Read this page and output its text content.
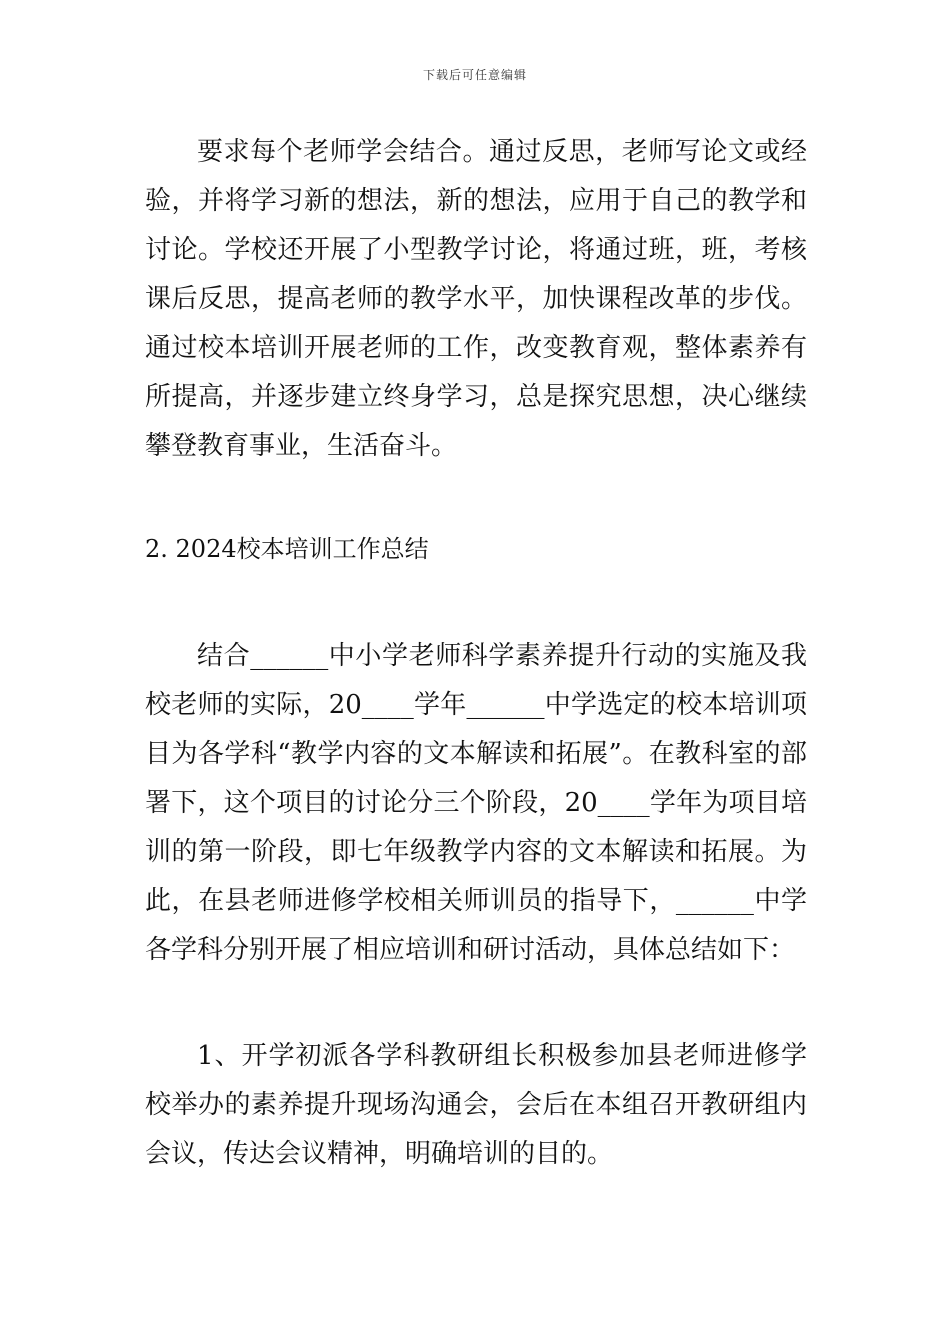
下载后可任意编辑

要求每个老师学会结合。通过反思，老师写论文或经验，并将学习新的想法，新的想法，应用于自己的教学和讨论。学校还开展了小型教学讨论，将通过班，班，考核课后反思，提高老师的教学水平，加快课程改革的步伐。通过校本培训开展老师的工作，改变教育观，整体素养有所提高，并逐步建立终身学习，总是探究思想，决心继续攀登教育事业，生活奋斗。

2. 2024校本培训工作总结

结合______中小学老师科学素养提升行动的实施及我校老师的实际，20____学年______中学选定的校本培训项目为各学科“教学内容的文本解读和拓展”。在教科室的部署下，这个项目的讨论分三个阶段，20____学年为项目培训的第一阶段，即七年级教学内容的文本解读和拓展。为此，在县老师进修学校相关师训员的指导下，______中学各学科分别开展了相应培训和研讨活动，具体总结如下：

1、开学初派各学科教研组长积极参加县老师进修学校举办的素养提升现场沟通会，会后在本组召开教研组内会议，传达会议精神，明确培训的目的。
